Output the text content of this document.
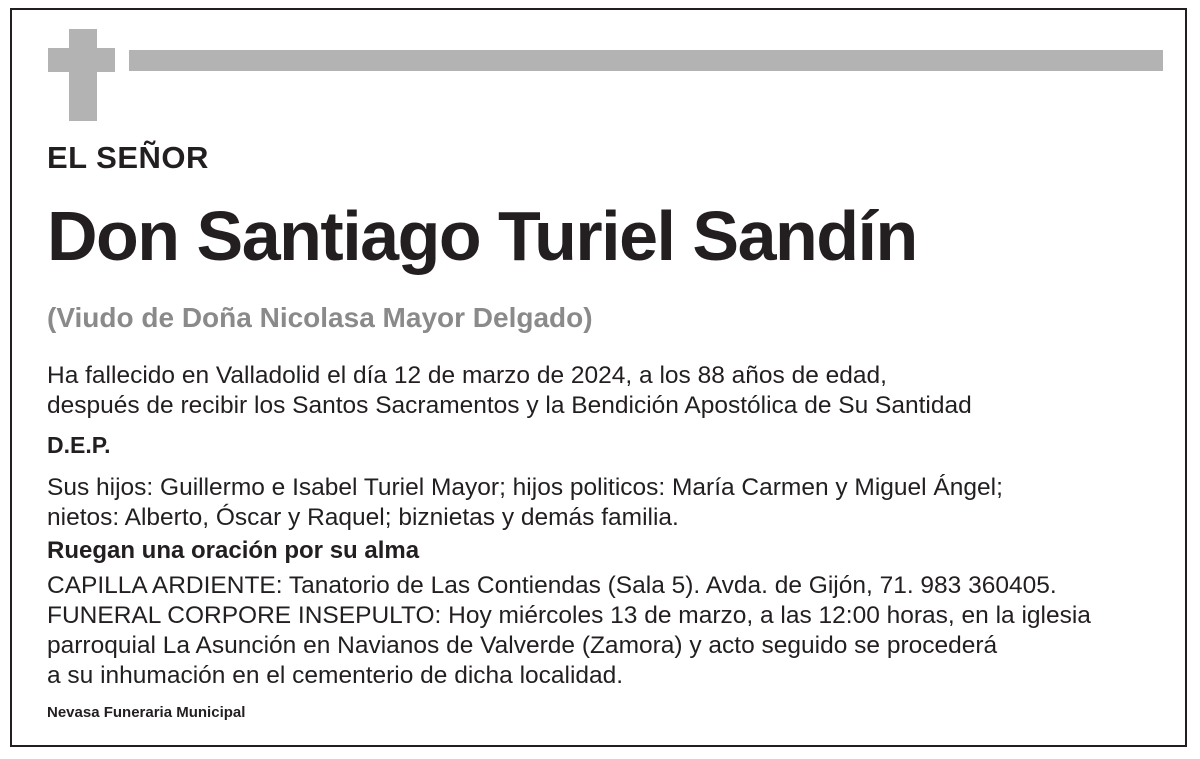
EL SEÑOR
Don Santiago Turiel Sandín
(Viudo de Doña Nicolasa Mayor Delgado)
Ha fallecido en Valladolid el día 12 de marzo de 2024, a los 88 años de edad,
después de recibir los Santos Sacramentos y la Bendición Apostólica de Su Santidad
D.E.P.
Sus hijos: Guillermo e Isabel Turiel Mayor; hijos politicos: María Carmen y Miguel Ángel;
nietos: Alberto, Óscar y Raquel; biznietas y demás familia.
Ruegan una oración por su alma
CAPILLA ARDIENTE: Tanatorio de Las Contiendas (Sala 5). Avda. de Gijón, 71. 983 360405.
FUNERAL CORPORE INSEPULTO: Hoy miércoles 13 de marzo, a las 12:00 horas, en la iglesia
parroquial La Asunción en Navianos de Valverde (Zamora) y acto seguido se procederá
a su inhumación en el cementerio de dicha localidad.
Nevasa Funeraria Municipal
